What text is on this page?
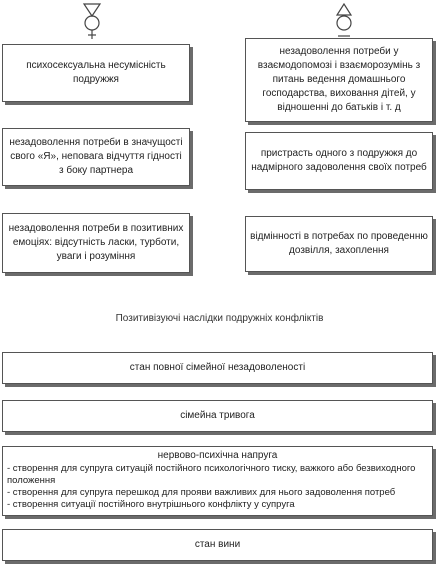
психосексуальна несумісність подружжя
незадоволення потреби в значущості свого «Я», неповага відчуття гідності з боку партнера
незадоволення потреби в позитивних емоціях: відсутність ласки, турботи, уваги і розуміння
незадоволення потреби у взаємодопомозі і взаєморозумінь з питань ведення домашнього господарства, виховання дітей, у відношенні до батьків і т. д
пристрасть одного з подружжя до надмірного задоволення своїх потреб
відмінності в потребах по проведенню дозвілля, захоплення
Позитивізуючі наслідки подружніх конфліктів
стан повної сімейної незадоволеності
сімейна тривога
нервово-психічна напруга
- створення для супруга ситуацій постійного психологічного тиску, важкого або безвиходного положення
- створення для супруга перешкод для прояви важливих для нього задоволення потреб
- створення ситуації постійного внутрішнього конфлікту у супруга
стан вини
